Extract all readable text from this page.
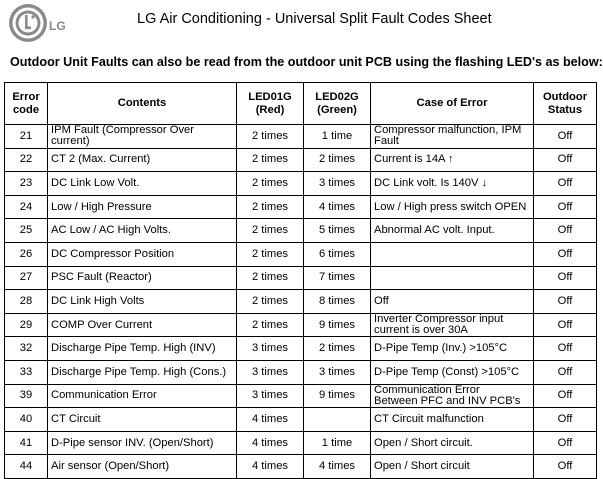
LG	LG Air Conditioning - Universal Split Fault Codes Sheet
Outdoor Unit Faults can also be read from the outdoor unit PCB using the flashing LED's as below:
Error
code	Contents	LED01G
(Red)	LED02G
(Green)	Case of Error	Outdoor
Status

21	IPM Fault (Compressor Over current)	2 times	1 time	Compressor malfunction, IPM
Fault	Off

22	CT 2 (Max. Current)	2 times	2 times	Current is 14A ↑	Off

23	DC Link Low Volt.	2 times	3 times	DC Link volt. Is 140V ↓	Off

24	Low / High Pressure	2 times	4 times	Low / High press switch OPEN	Off

25	AC Low / AC High Volts.	2 times	5 times	Abnormal AC volt. Input.	Off

26	DC Compressor Position	2 times	6 times		Off

27	PSC Fault (Reactor)	2 times	7 times		Off

28	DC Link High Volts	2 times	8 times	Off	Off

29	COMP Over Current	2 times	9 times	Inverter Compressor input
current is over 30A	Off

32	Discharge Pipe Temp. High (INV)	3 times	2 times	D-Pipe Temp (Inv.) >105°C	Off

33	Discharge Pipe Temp. High (Cons.)	3 times	3 times	D-Pipe Temp (Const) >105°C	Off

39	Communication Error	3 times	9 times	Communication Error
Between PFC and INV PCB's	Off

40	CT Circuit	4 times		CT Circuit malfunction	Off

41	D-Pipe sensor INV. (Open/Short)	4 times	1 time	Open / Short circuit.	Off

44	Air sensor (Open/Short)	4 times	4 times	Open / Short circuit	Off
